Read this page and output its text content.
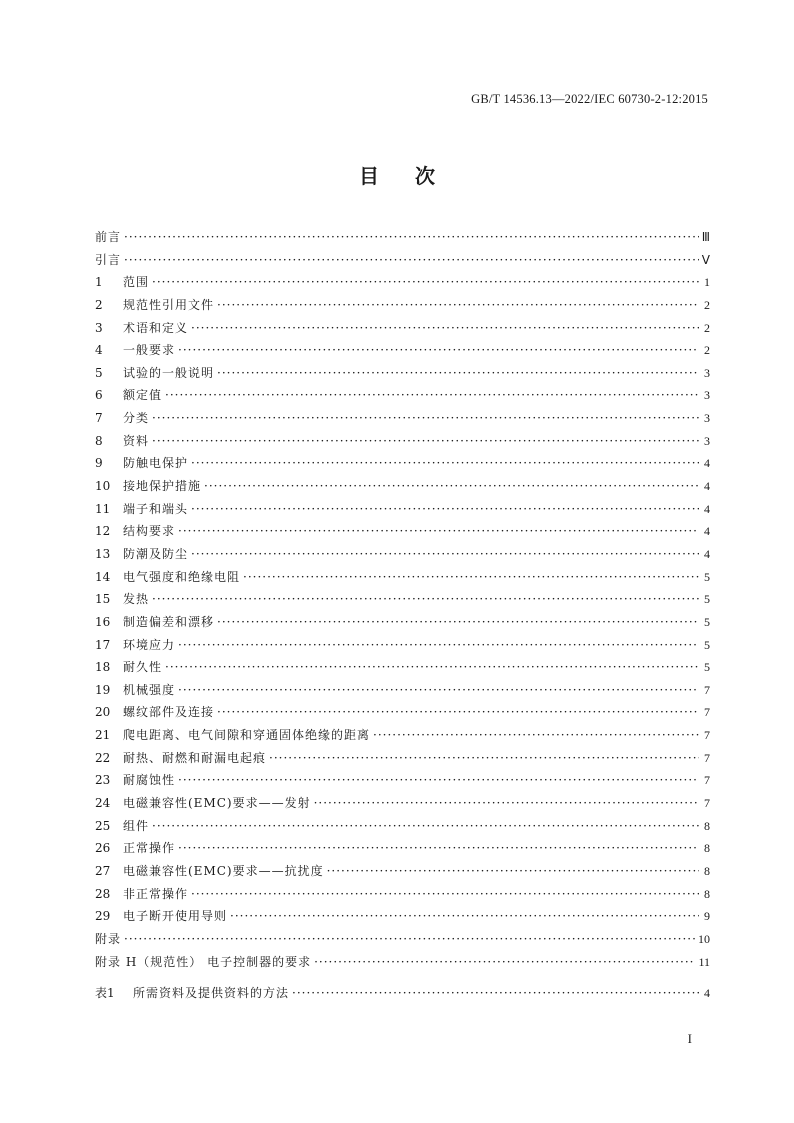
GB/T 14536.13—2022/IEC 60730-2-12:2015
目次
前言 ·····	Ⅲ
引言 ·····	Ⅴ
1	范围 ·····	1
2	规范性引用文件 ·····	2
3	术语和定义 ·····	2
4	一般要求 ·····	2
5	试验的一般说明 ·····	3
6	额定值 ·····	3
7	分类 ·····	3
8	资料 ·····	3
9	防触电保护 ·····	4
10	接地保护措施 ·····	4
11	端子和端头 ·····	4
12	结构要求 ·····	4
13	防潮及防尘 ·····	4
14	电气强度和绝缘电阻 ·····	5
15	发热 ·····	5
16	制造偏差和漂移 ·····	5
17	环境应力 ·····	5
18	耐久性 ·····	5
19	机械强度 ·····	7
20	螺纹部件及连接 ·····	7
21	爬电距离、电气间隙和穿通固体绝缘的距离 ·····	7
22	耐热、耐燃和耐漏电起痕 ·····	7
23	耐腐蚀性 ·····	7
24	电磁兼容性(EMC)要求——发射 ·····	7
25	组件 ·····	8
26	正常操作 ·····	8
27	电磁兼容性(EMC)要求——抗扰度 ·····	8
28	非正常操作 ·····	8
29	电子断开使用导则 ·····	9
附录 ·····	10
附录 H（规范性） 电子控制器的要求 ·····	11
表1	所需资料及提供资料的方法 ·····	4
I
